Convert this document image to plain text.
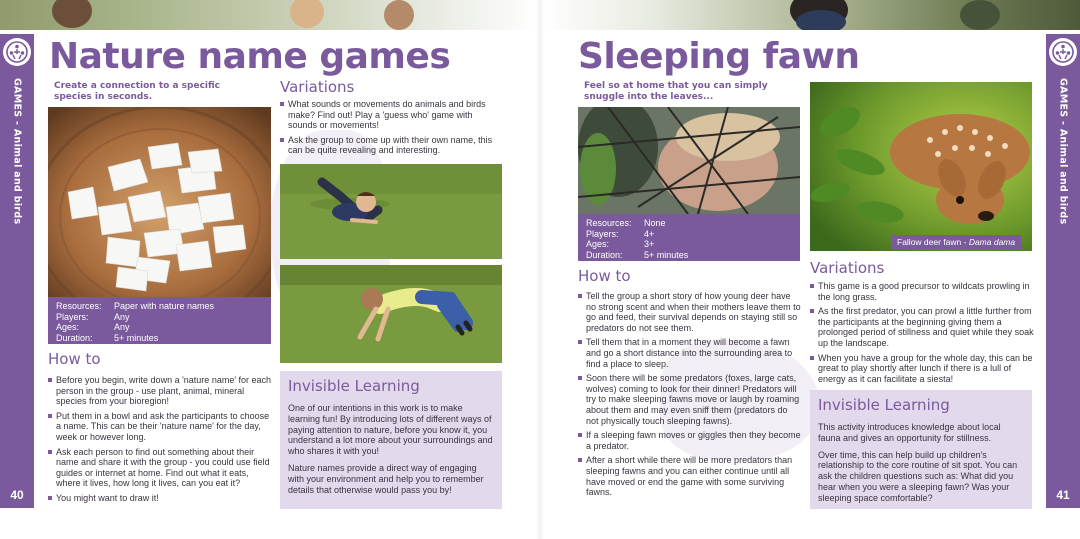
GAMES - Animal and birds
40
Nature name games
Create a connection to a specific species in seconds.
Resources:	Paper with nature names
Players:	Any
Ages:	Any
Duration:	5+ minutes
How to
Before you begin, write down a 'nature name' for each person in the group - use plant, animal, mineral species from your bioregion!
Put them in a bowl and ask the participants to choose a name. This can be their 'nature name' for the day, week or however long.
Ask each person to find out something about their name and share it with the group - you could use field guides or internet at home. Find out what it eats, where it lives, how long it lives, can you eat it?
You might want to draw it!
Variations
What sounds or movements do animals and birds make? Find out! Play a 'guess who' game with sounds or movements!
Ask the group to come up with their own name, this can be quite revealing and interesting.
Invisible Learning

One of our intentions in this work is to make learning fun! By introducing lots of different ways of paying attention to nature, before you know it, you understand a lot more about your surroundings and who shares it with you!

Nature names provide a direct way of engaging with your environment and help you to remember details that otherwise would pass you by!

GAMES - Animal and birds
41
Sleeping fawn
Feel so at home that you can simply snuggle into the leaves...
Resources:	None
Players:	4+
Ages:	3+
Duration:	5+ minutes
How to
Tell the group a short story of how young deer have no strong scent and when their mothers leave them to go and feed, their survival depends on staying still so predators do not see them.
Tell them that in a moment they will become a fawn and go a short distance into the surrounding area to find a place to sleep.
Soon there will be some predators (foxes, large cats, wolves) coming to look for their dinner! Predators will try to make sleeping fawns move or laugh by roaming about them and may even sniff them (predators do not physically touch sleeping fawns).
If a sleeping fawn moves or giggles then they become a predator.
After a short while there will be more predators than sleeping fawns and you can either continue until all have moved or end the game with some surviving fawns.
Fallow deer fawn - Dama dama
Variations
This game is a good precursor to wildcats prowling in the long grass.
As the first predator, you can prowl a little further from the participants at the beginning giving them a prolonged period of stillness and quiet while they soak up the landscape.
When you have a group for the whole day, this can be great to play shortly after lunch if there is a lull of energy as it can facilitate a siesta!
Invisible Learning

This activity introduces knowledge about local fauna and gives an opportunity for stillness.

Over time, this can help build up children's relationship to the core routine of sit spot. You can ask the children questions such as: What did you hear when you were a sleeping fawn? Was your sleeping space comfortable?
